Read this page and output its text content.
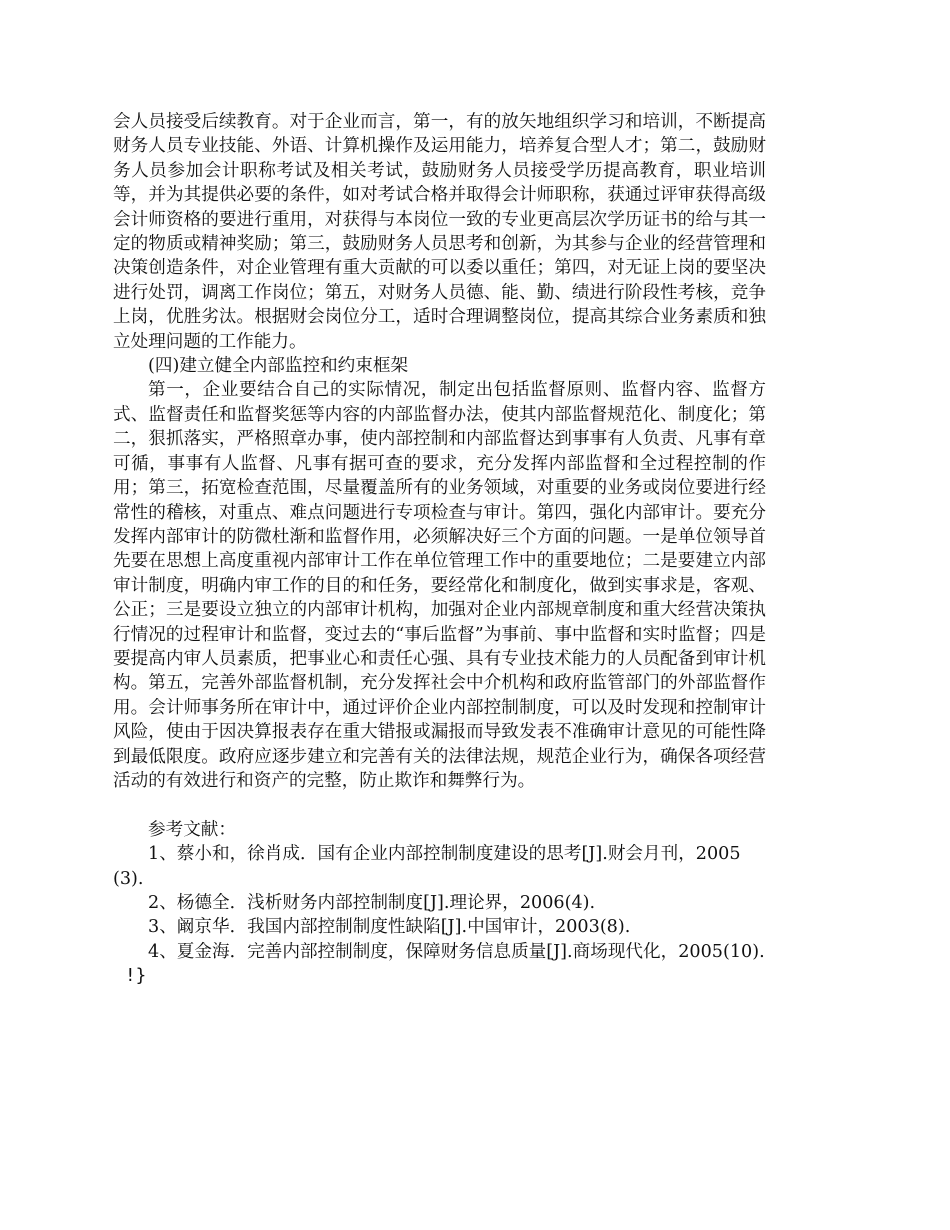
会人员接受后续教育。对于企业而言，第一，有的放矢地组织学习和培训，不断提高财务人员专业技能、外语、计算机操作及运用能力，培养复合型人才；第二，鼓励财务人员参加会计职称考试及相关考试，鼓励财务人员接受学历提高教育，职业培训等，并为其提供必要的条件，如对考试合格并取得会计师职称，获通过评审获得高级会计师资格的要进行重用，对获得与本岗位一致的专业更高层次学历证书的给与其一定的物质或精神奖励；第三，鼓励财务人员思考和创新，为其参与企业的经营管理和决策创造条件，对企业管理有重大贡献的可以委以重任；第四，对无证上岗的要坚决进行处罚，调离工作岗位；第五，对财务人员德、能、勤、绩进行阶段性考核，竞争上岗，优胜劣汰。根据财会岗位分工，适时合理调整岗位，提高其综合业务素质和独立处理问题的工作能力。

(四)建立健全内部监控和约束框架

第一，企业要结合自己的实际情况，制定出包括监督原则、监督内容、监督方式、监督责任和监督奖惩等内容的内部监督办法，使其内部监督规范化、制度化；第二，狠抓落实，严格照章办事，使内部控制和内部监督达到事事有人负责、凡事有章可循，事事有人监督、凡事有据可查的要求，充分发挥内部监督和全过程控制的作用；第三，拓宽检查范围，尽量覆盖所有的业务领域，对重要的业务或岗位要进行经常性的稽核，对重点、难点问题进行专项检查与审计。第四，强化内部审计。要充分发挥内部审计的防微杜渐和监督作用，必须解决好三个方面的问题。一是单位领导首先要在思想上高度重视内部审计工作在单位管理工作中的重要地位；二是要建立内部审计制度，明确内审工作的目的和任务，要经常化和制度化，做到实事求是，客观、公正；三是要设立独立的内部审计机构，加强对企业内部规章制度和重大经营决策执行情况的过程审计和监督，变过去的“事后监督”为事前、事中监督和实时监督；四是要提高内审人员素质，把事业心和责任心强、具有专业技术能力的人员配备到审计机构。第五，完善外部监督机制，充分发挥社会中介机构和政府监管部门的外部监督作用。会计师事务所在审计中，通过评价企业内部控制制度，可以及时发现和控制审计风险，使由于因决算报表存在重大错报或漏报而导致发表不准确审计意见的可能性降到最低限度。政府应逐步建立和完善有关的法律法规，规范企业行为，确保各项经营活动的有效进行和资产的完整，防止欺诈和舞弊行为。

参考文献：

1、蔡小和，徐肖成．国有企业内部控制制度建设的思考[J].财会月刊，2005(3).

2、杨德全．浅析财务内部控制制度[J].理论界，2006(4).

3、阚京华．我国内部控制制度性缺陷[J].中国审计，2003(8).

4、夏金海．完善内部控制制度，保障财务信息质量[J].商场现代化，2005(10).

!}
